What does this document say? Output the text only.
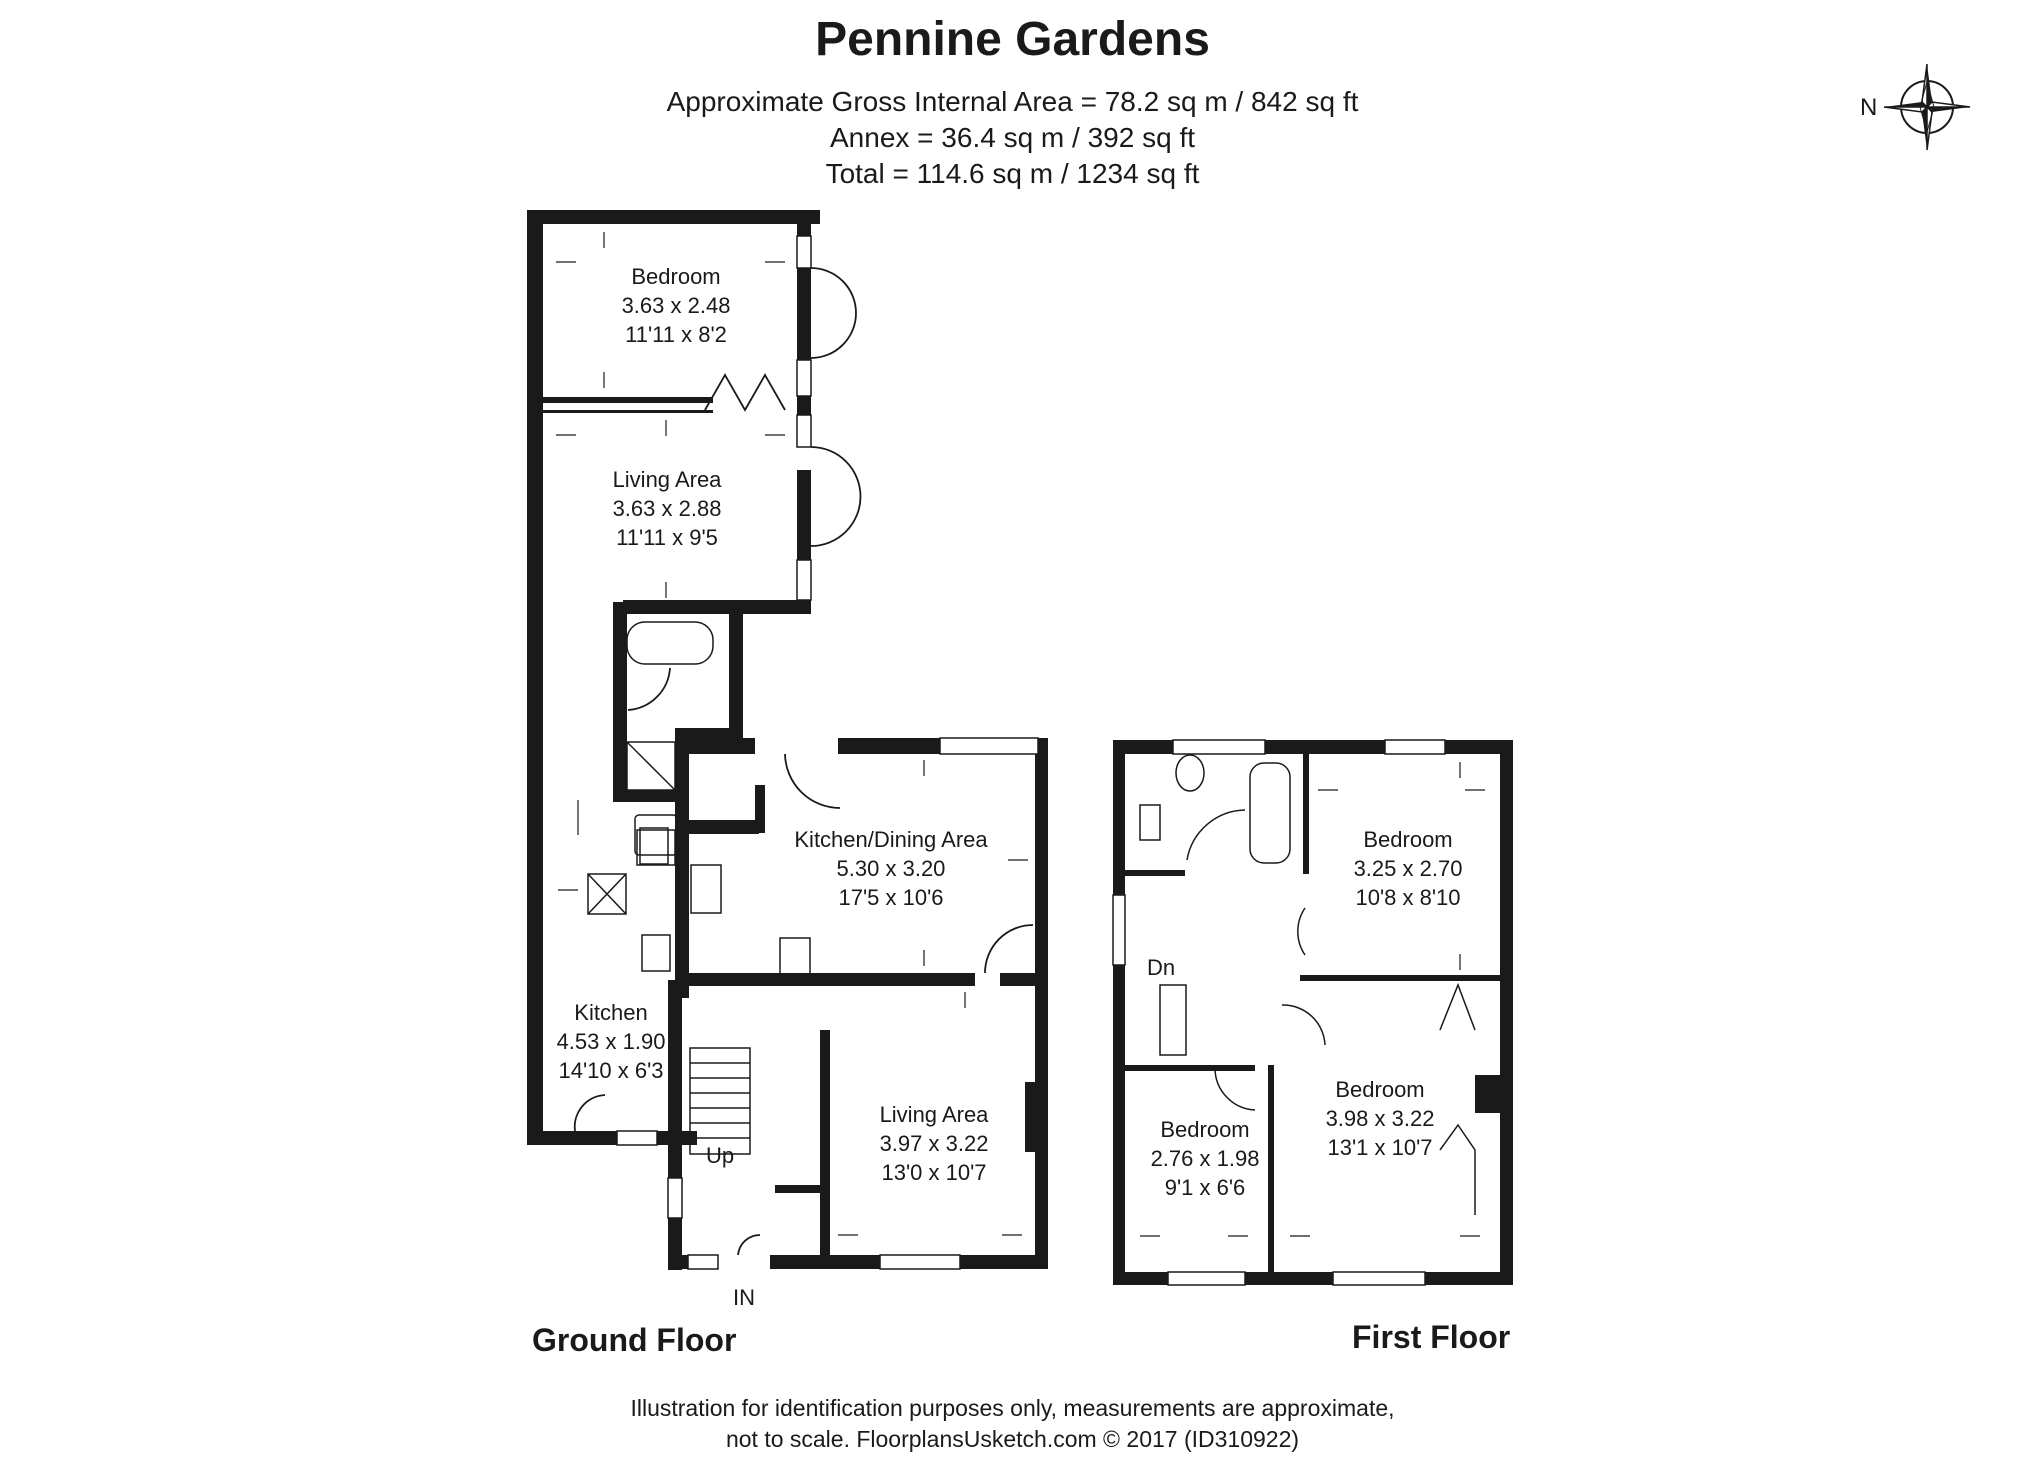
Pennine Gardens
Approximate Gross Internal Area = 78.2 sq m / 842 sq ft
Annex = 36.4 sq m / 392 sq ft
Total = 114.6 sq m / 1234 sq ft
N
Bedroom
3.63 x 2.48
11'11 x 8'2
Living Area
3.63 x 2.88
11'11 x 9'5
Kitchen
4.53 x 1.90
14'10 x 6'3
Kitchen/Dining Area
5.30 x 3.20
17'5 x 10'6
Living Area
3.97 x 3.22
13'0 x 10'7
Up
IN
Ground Floor
Bedroom
3.25 x 2.70
10'8 x 8'10
Bedroom
3.98 x 3.22
13'1 x 10'7
Bedroom
2.76 x 1.98
9'1 x 6'6
Dn
First Floor
Illustration for identification purposes only, measurements are approximate,
not to scale. FloorplansUsketch.com © 2017 (ID310922)
